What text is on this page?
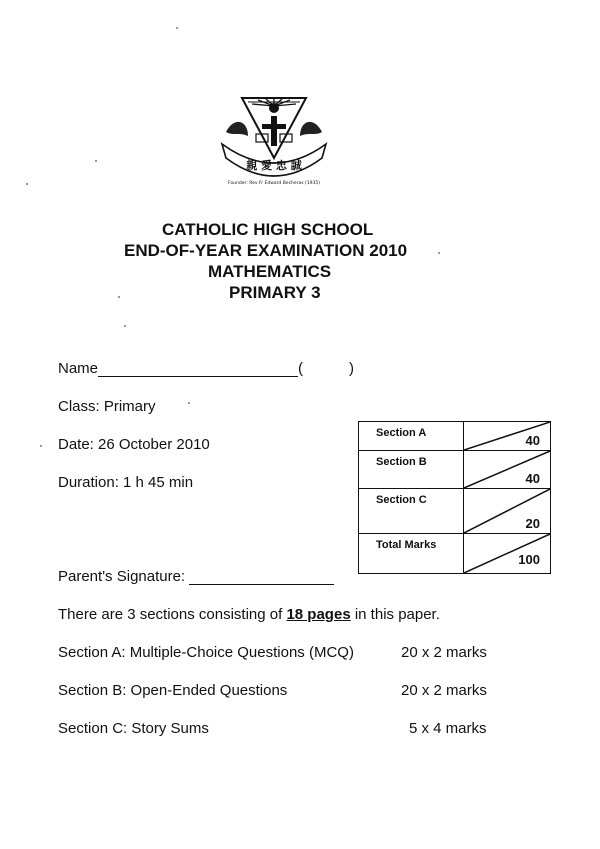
親 愛 忠 誠
Founder: Rev Fr Edward Becheras (1935)
CATHOLIC HIGH SCHOOL
END-OF-YEAR EXAMINATION 2010
MATHEMATICS
PRIMARY 3
Name	(	)
Class: Primary
Date: 26 October 2010
Duration: 1 h 45 min
Parent's Signature:
Section A	40

Section B	40

Section C	20

Total Marks	100
There are 3 sections consisting of 18 pages in this paper.
Section A: Multiple-Choice Questions (MCQ)	20 x 2 marks
Section B: Open-Ended Questions	20 x 2 marks
Section C: Story Sums	5 x 4 marks
